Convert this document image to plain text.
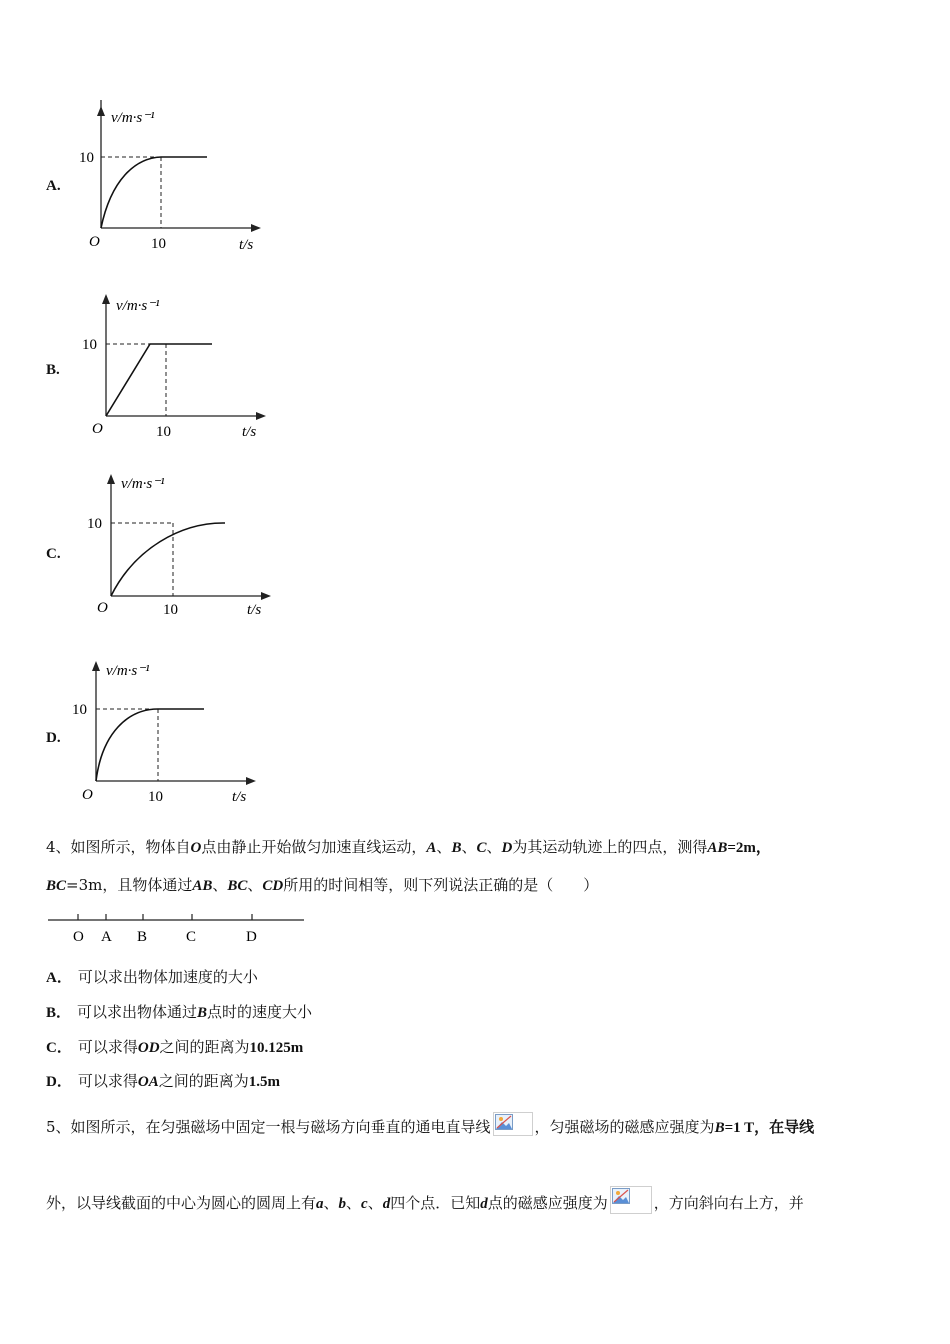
A.
B.
C.
D.
v/m·s⁻¹
10
10
O	t/s
v/m·s⁻¹
10
10
O	t/s
v/m·s⁻¹
10
10
O	t/s
v/m·s⁻¹
10
10
O	t/s
4、如图所示，物体自O点由静止开始做匀加速直线运动，A、B、C、D为其运动轨迹上的四点，测得AB=2m，
BC=3m，且物体通过AB、BC、CD所用的时间相等，则下列说法正确的是（　　）
O A B	C	D
A． 可以求出物体加速度的大小
B． 可以求出物体通过B点时的速度大小
C． 可以求得OD之间的距离为10.125m
D． 可以求得OA之间的距离为1.5m
5、如图所示，在匀强磁场中固定一根与磁场方向垂直的通电直导线	，匀强磁场的磁感应强度为B=1 T，在导线
外，以导线截面的中心为圆心的圆周上有a、b、c、d四个点．已知d点的磁感应强度为	，方向斜向右上方，并
